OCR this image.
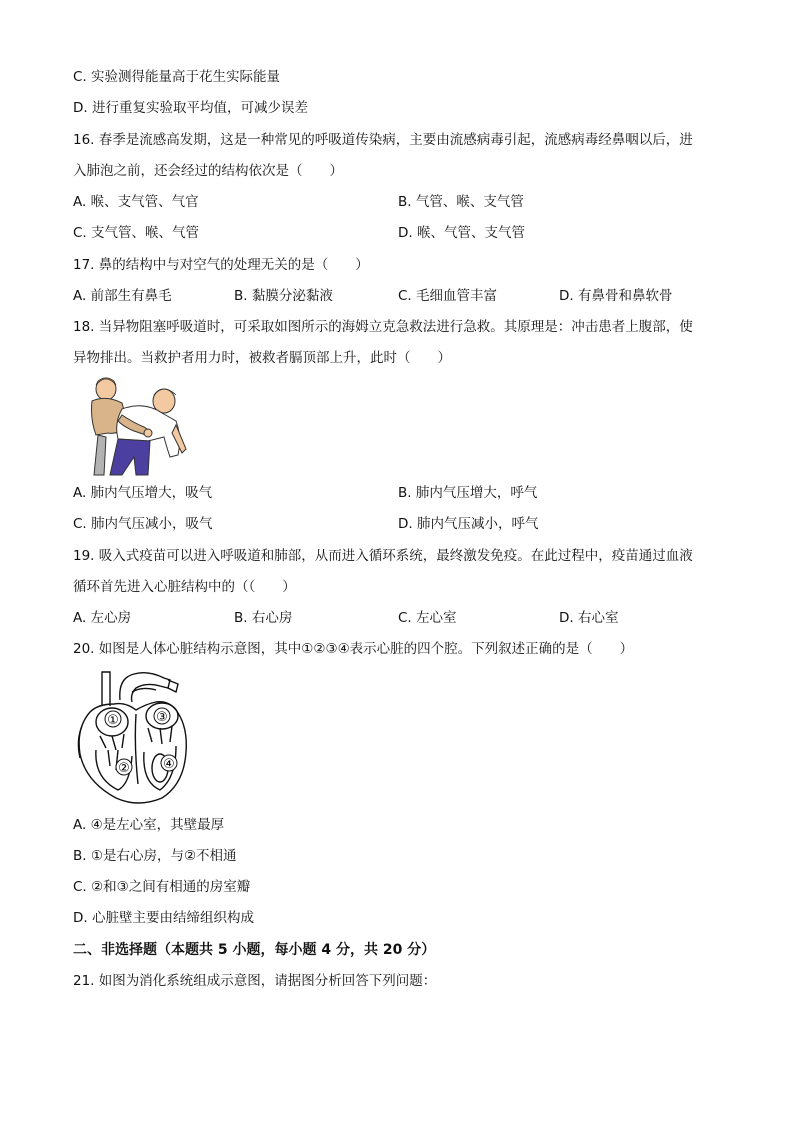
C. 实验测得能量高于花生实际能量
D. 进行重复实验取平均值，可减少误差
16. 春季是流感高发期，这是一种常见的呼吸道传染病，主要由流感病毒引起，流感病毒经鼻咽以后，进
入肺泡之前，还会经过的结构依次是（　　）
A. 喉、支气管、气官	B. 气管、喉、支气管
C. 支气管、喉、气管	D. 喉、气管、支气管
17. 鼻的结构中与对空气的处理无关的是（　　）
A. 前部生有鼻毛	B. 黏膜分泌黏液	C. 毛细血管丰富	D. 有鼻骨和鼻软骨
18. 当异物阻塞呼吸道时，可采取如图所示的海姆立克急救法进行急救。其原理是：冲击患者上腹部，使
异物排出。当救护者用力时，被救者膈顶部上升，此时（　　）
A. 肺内气压增大，吸气	B. 肺内气压增大，呼气
C. 肺内气压减小，吸气	D. 肺内气压减小，呼气
19. 吸入式疫苗可以进入呼吸道和肺部，从而进入循环系统，最终激发免疫。在此过程中，疫苗通过血液
循环首先进入心脏结构中的（（　　）
A. 左心房	B. 右心房	C. 左心室	D. 右心室
20. 如图是人体心脏结构示意图，其中①②③④表示心脏的四个腔。下列叙述正确的是（　　）
①	③
②	④
A. ④是左心室，其壁最厚
B. ①是右心房，与②不相通
C. ②和③之间有相通的房室瓣
D. 心脏壁主要由结缔组织构成
二、非选择题（本题共 5 小题，每小题 4 分，共 20 分）
21. 如图为消化系统组成示意图，请据图分析回答下列问题：
